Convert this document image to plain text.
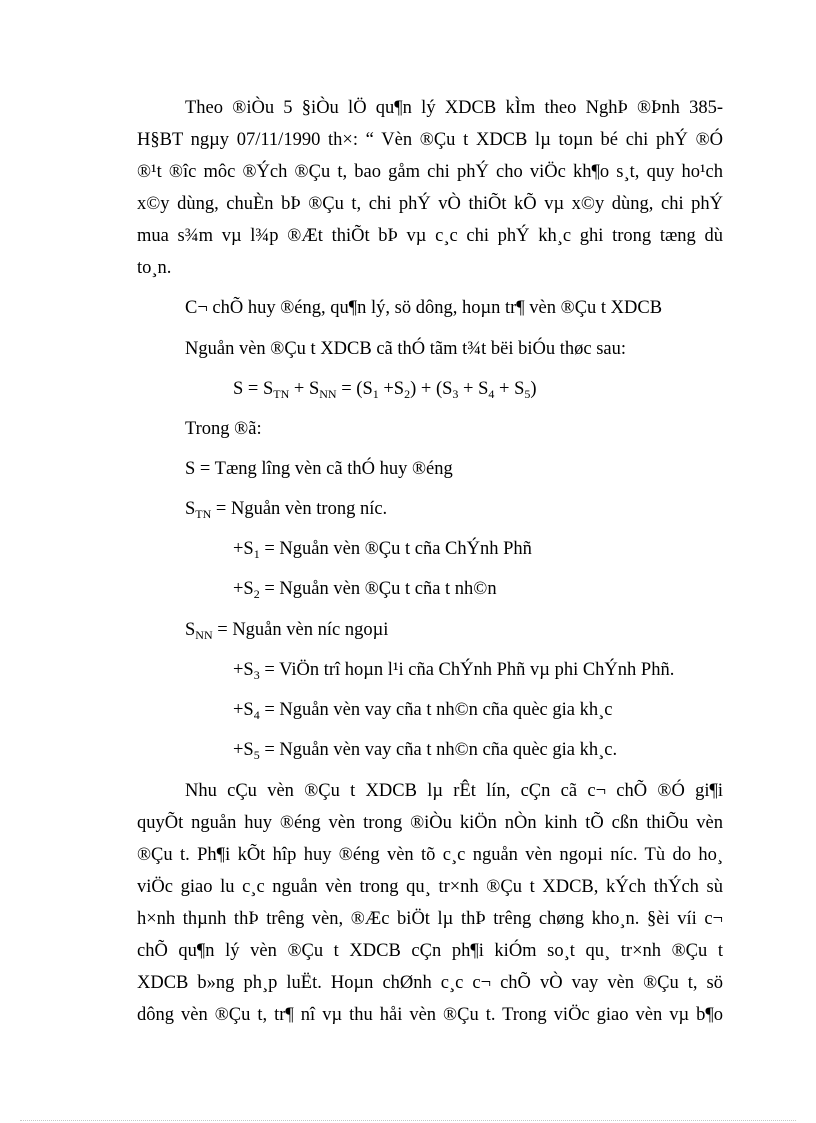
Theo ®iÒu 5 §iÒu lÖ qu¶n lý XDCB kÌm theo NghÞ ®Þnh 385-
H§BT ngµy 07/11/1990 th×: “ Vèn ®Çu t XDCB lµ toµn bé chi phÝ ®Ó
®¹t ®îc môc ®Ých ®Çu t, bao gåm chi phÝ cho viÖc kh¶o s¸t, quy ho¹ch
x©y dùng, chuÈn bÞ ®Çu t, chi phÝ vÒ thiÕt kÕ vµ x©y dùng, chi phÝ
mua s¾m vµ l¾p ®Æt thiÕt bÞ vµ c¸c chi phÝ kh¸c ghi trong tæng dù
to¸n.
C¬ chÕ huy ®éng, qu¶n lý, sö dông, hoµn tr¶ vèn ®Çu t XDCB
Nguån vèn ®Çu t XDCB cã thÓ tãm t¾t bëi biÓu thøc sau:
$S = S_{TN} + S_{NN} = (S_1 +S_2) + (S_3 + S_4 + S_5)$
Trong ®ã:
S = Tæng lîng vèn cã thÓ huy ®éng
$S_{TN}$ = Nguån vèn trong níc.
$+S_1$ = Nguån vèn ®Çu t cña ChÝnh Phñ
$+S_2$ = Nguån vèn ®Çu t cña t nh©n
$S_{NN}$ = Nguån vèn níc ngoµi
$+S_3$ = ViÖn trî hoµn l¹i cña ChÝnh Phñ vµ phi ChÝnh Phñ.
$+S_4$ = Nguån vèn vay cña t nh©n cña quèc gia kh¸c
$+S_5$ = Nguån vèn vay cña t nh©n cña quèc gia kh¸c.
Nhu cÇu vèn ®Çu t XDCB lµ rÊt lín, cÇn cã c¬ chÕ ®Ó gi¶i
quyÕt nguån huy ®éng vèn trong ®iÒu kiÖn nÒn kinh tÕ cßn thiÕu vèn
®Çu t. Ph¶i kÕt hîp huy ®éng vèn tõ c¸c nguån vèn ngoµi níc. Tù do ho¸
viÖc giao lu c¸c nguån vèn trong qu¸ tr×nh ®Çu t XDCB, kÝch thÝch sù
h×nh thµnh thÞ trêng vèn, ®Æc biÖt lµ thÞ trêng chøng kho¸n. §èi víi c¬
chÕ qu¶n lý vèn ®Çu t XDCB cÇn ph¶i kiÓm so¸t qu¸ tr×nh ®Çu t
XDCB b»ng ph¸p luËt. Hoµn chØnh c¸c c¬ chÕ vÒ vay vèn ®Çu t, sö
dông vèn ®Çu t, tr¶ nî vµ thu håi vèn ®Çu t. Trong viÖc giao vèn vµ b¶o
